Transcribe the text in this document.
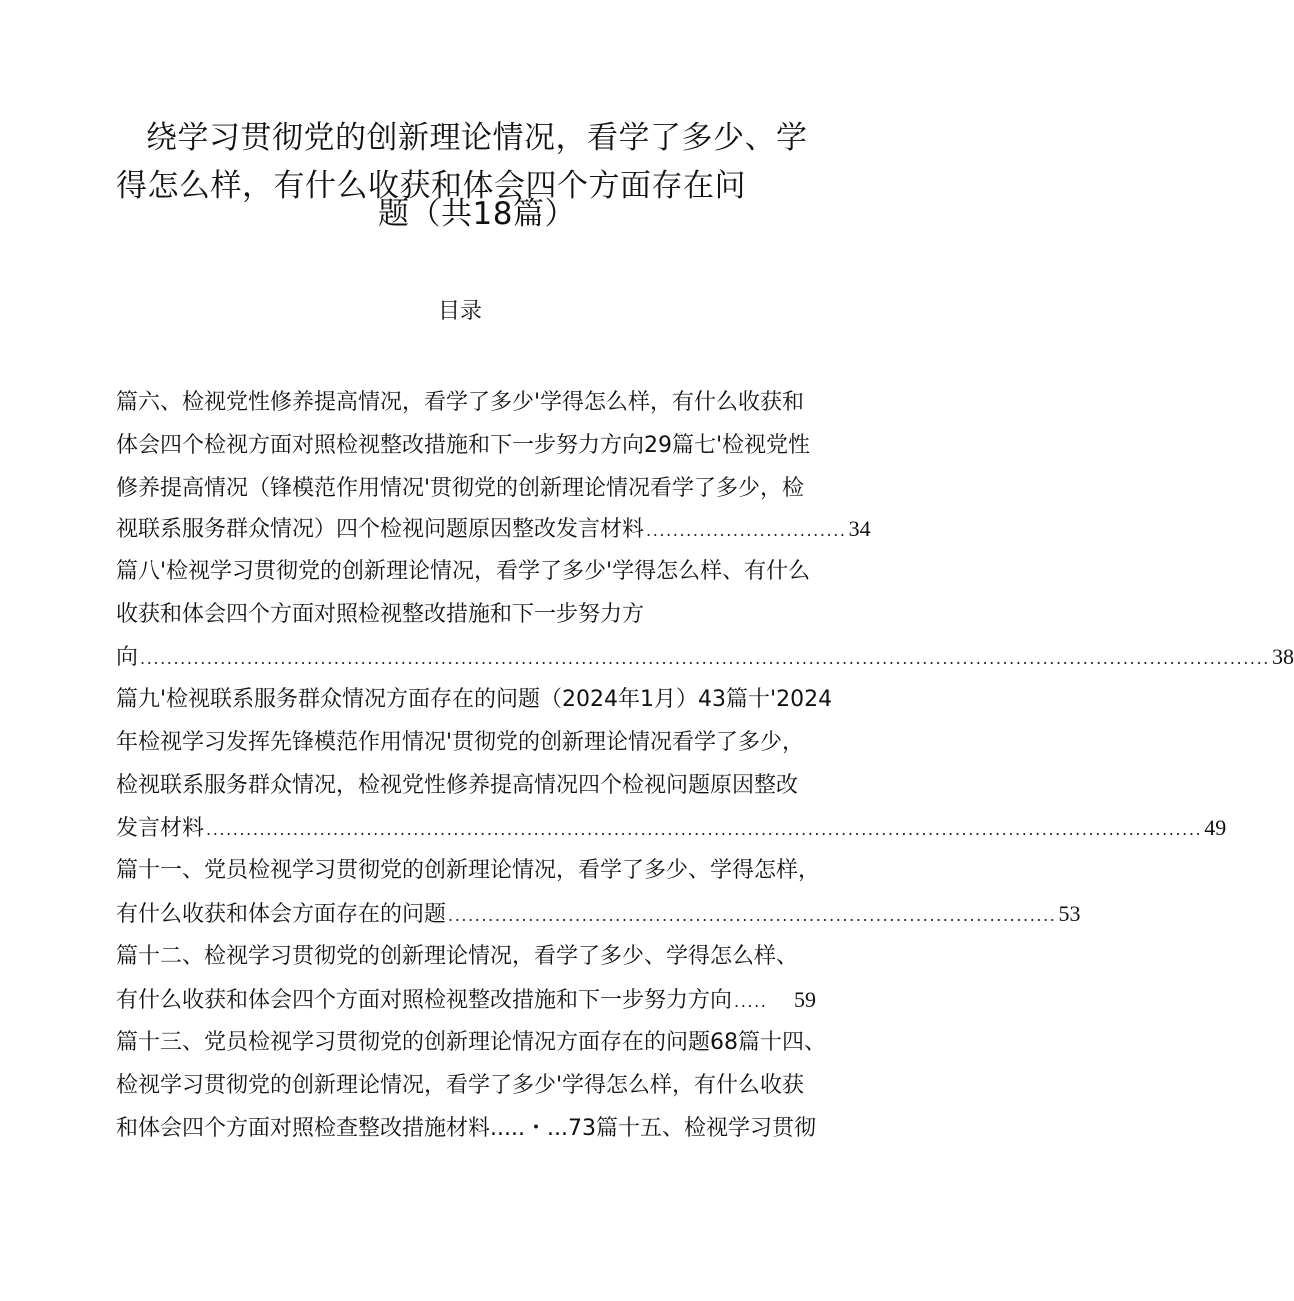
绕学习贯彻党的创新理论情况，看学了多少、学
得怎么样，有什么收获和体会四个方面存在问
题（共18篇）
目录
篇六、检视党性修养提高情况，看学了多少'学得怎么样，有什么收获和
体会四个检视方面对照检视整改措施和下一步努力方向29篇七'检视党性
修养提高情况（锋模范作用情况'贯彻党的创新理论情况看学了多少，检
视联系服务群众情况）四个检视问题原因整改发言材料 .............................. 34
篇八'检视学习贯彻党的创新理论情况，看学了多少'学得怎么样、有什么
收获和体会四个方面对照检视整改措施和下一步努力方
向 ......................................................................................................................................................................... 38
篇九'检视联系服务群众情况方面存在的问题（2024年1月）43篇十'2024
年检视学习发挥先锋模范作用情况'贯彻党的创新理论情况看学了多少，
检视联系服务群众情况，检视党性修养提高情况四个检视问题原因整改
发言材料 ..................................................................................................................................................... 49
篇十一、党员检视学习贯彻党的创新理论情况，看学了多少、学得怎样，
有什么收获和体会方面存在的问题 ........................................................................................... 53
篇十二、检视学习贯彻党的创新理论情况，看学了多少、学得怎么样、
有什么收获和体会四个方面对照检视整改措施和下一步努力方向 .....	59
篇十三、党员检视学习贯彻党的创新理论情况方面存在的问题68篇十四、
检视学习贯彻党的创新理论情况，看学了多少'学得怎么样，有什么收获
和体会四个方面对照检查整改措施材料.....・...73篇十五、检视学习贯彻
